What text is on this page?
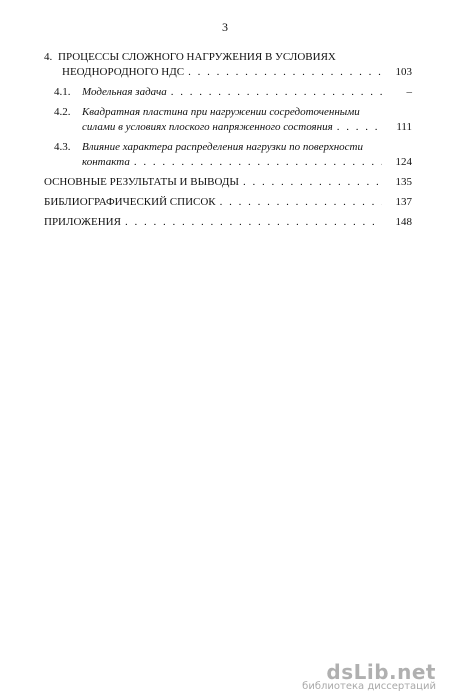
3
4. ПРОЦЕССЫ СЛОЖНОГО НАГРУЖЕНИЯ В УСЛОВИЯХ
НЕОДНОРОДНОГО НДС . . .	103
4.1. Модельная задача . . .	–
4.2. Квадратная пластина при нагружении сосредоточенными
силами в условиях плоского напряженного состояния . . .	111
4.3. Влияние характера распределения нагрузки по поверхности
контакта . . .	124
ОСНОВНЫЕ РЕЗУЛЬТАТЫ И ВЫВОДЫ . . .	135
БИБЛИОГРАФИЧЕСКИЙ СПИСОК . . .	137
ПРИЛОЖЕНИЯ . . .	148
dsLib.net
библиотека диссертаций
